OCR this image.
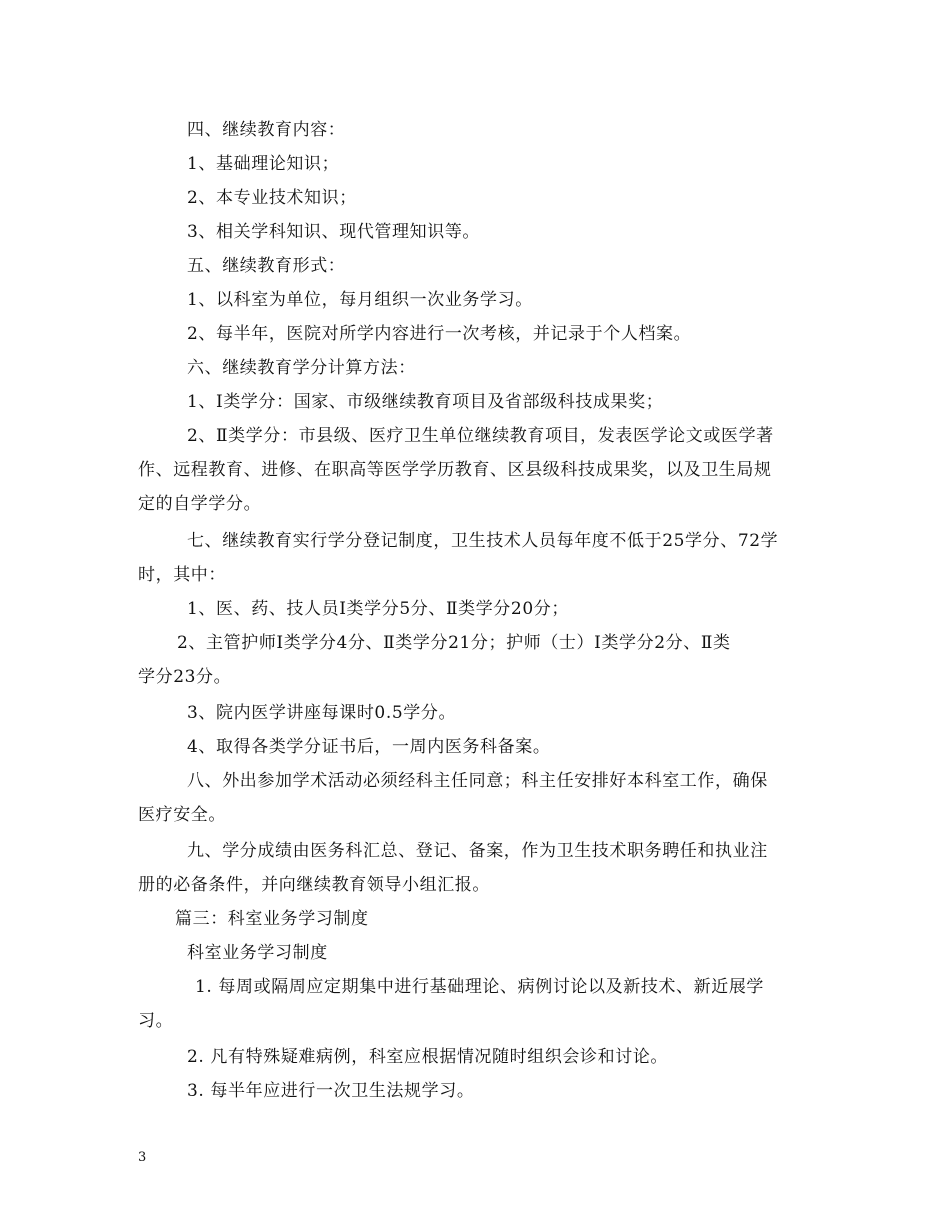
四、继续教育内容：
1、基础理论知识；
2、本专业技术知识；
3、相关学科知识、现代管理知识等。
五、继续教育形式：
1、以科室为单位，每月组织一次业务学习。
2、每半年，医院对所学内容进行一次考核，并记录于个人档案。
六、继续教育学分计算方法：
1、Ⅰ类学分：国家、市级继续教育项目及省部级科技成果奖；
2、Ⅱ类学分：市县级、医疗卫生单位继续教育项目，发表医学论文或医学著
作、远程教育、进修、在职高等医学学历教育、区县级科技成果奖，以及卫生局规
定的自学学分。
七、继续教育实行学分登记制度，卫生技术人员每年度不低于25学分、72学
时，其中：
1、医、药、技人员Ⅰ类学分5分、Ⅱ类学分20分；
2、主管护师Ⅰ类学分4分、Ⅱ类学分21分；护师（士）Ⅰ类学分2分、Ⅱ类
学分23分。
3、院内医学讲座每课时0.5学分。
4、取得各类学分证书后，一周内医务科备案。
八、外出参加学术活动必须经科主任同意；科主任安排好本科室工作，确保
医疗安全。
九、学分成绩由医务科汇总、登记、备案，作为卫生技术职务聘任和执业注
册的必备条件，并向继续教育领导小组汇报。
篇三：科室业务学习制度
科室业务学习制度
1. 每周或隔周应定期集中进行基础理论、病例讨论以及新技术、新近展学
习。
2. 凡有特殊疑难病例，科室应根据情况随时组织会诊和讨论。
3. 每半年应进行一次卫生法规学习。
3
